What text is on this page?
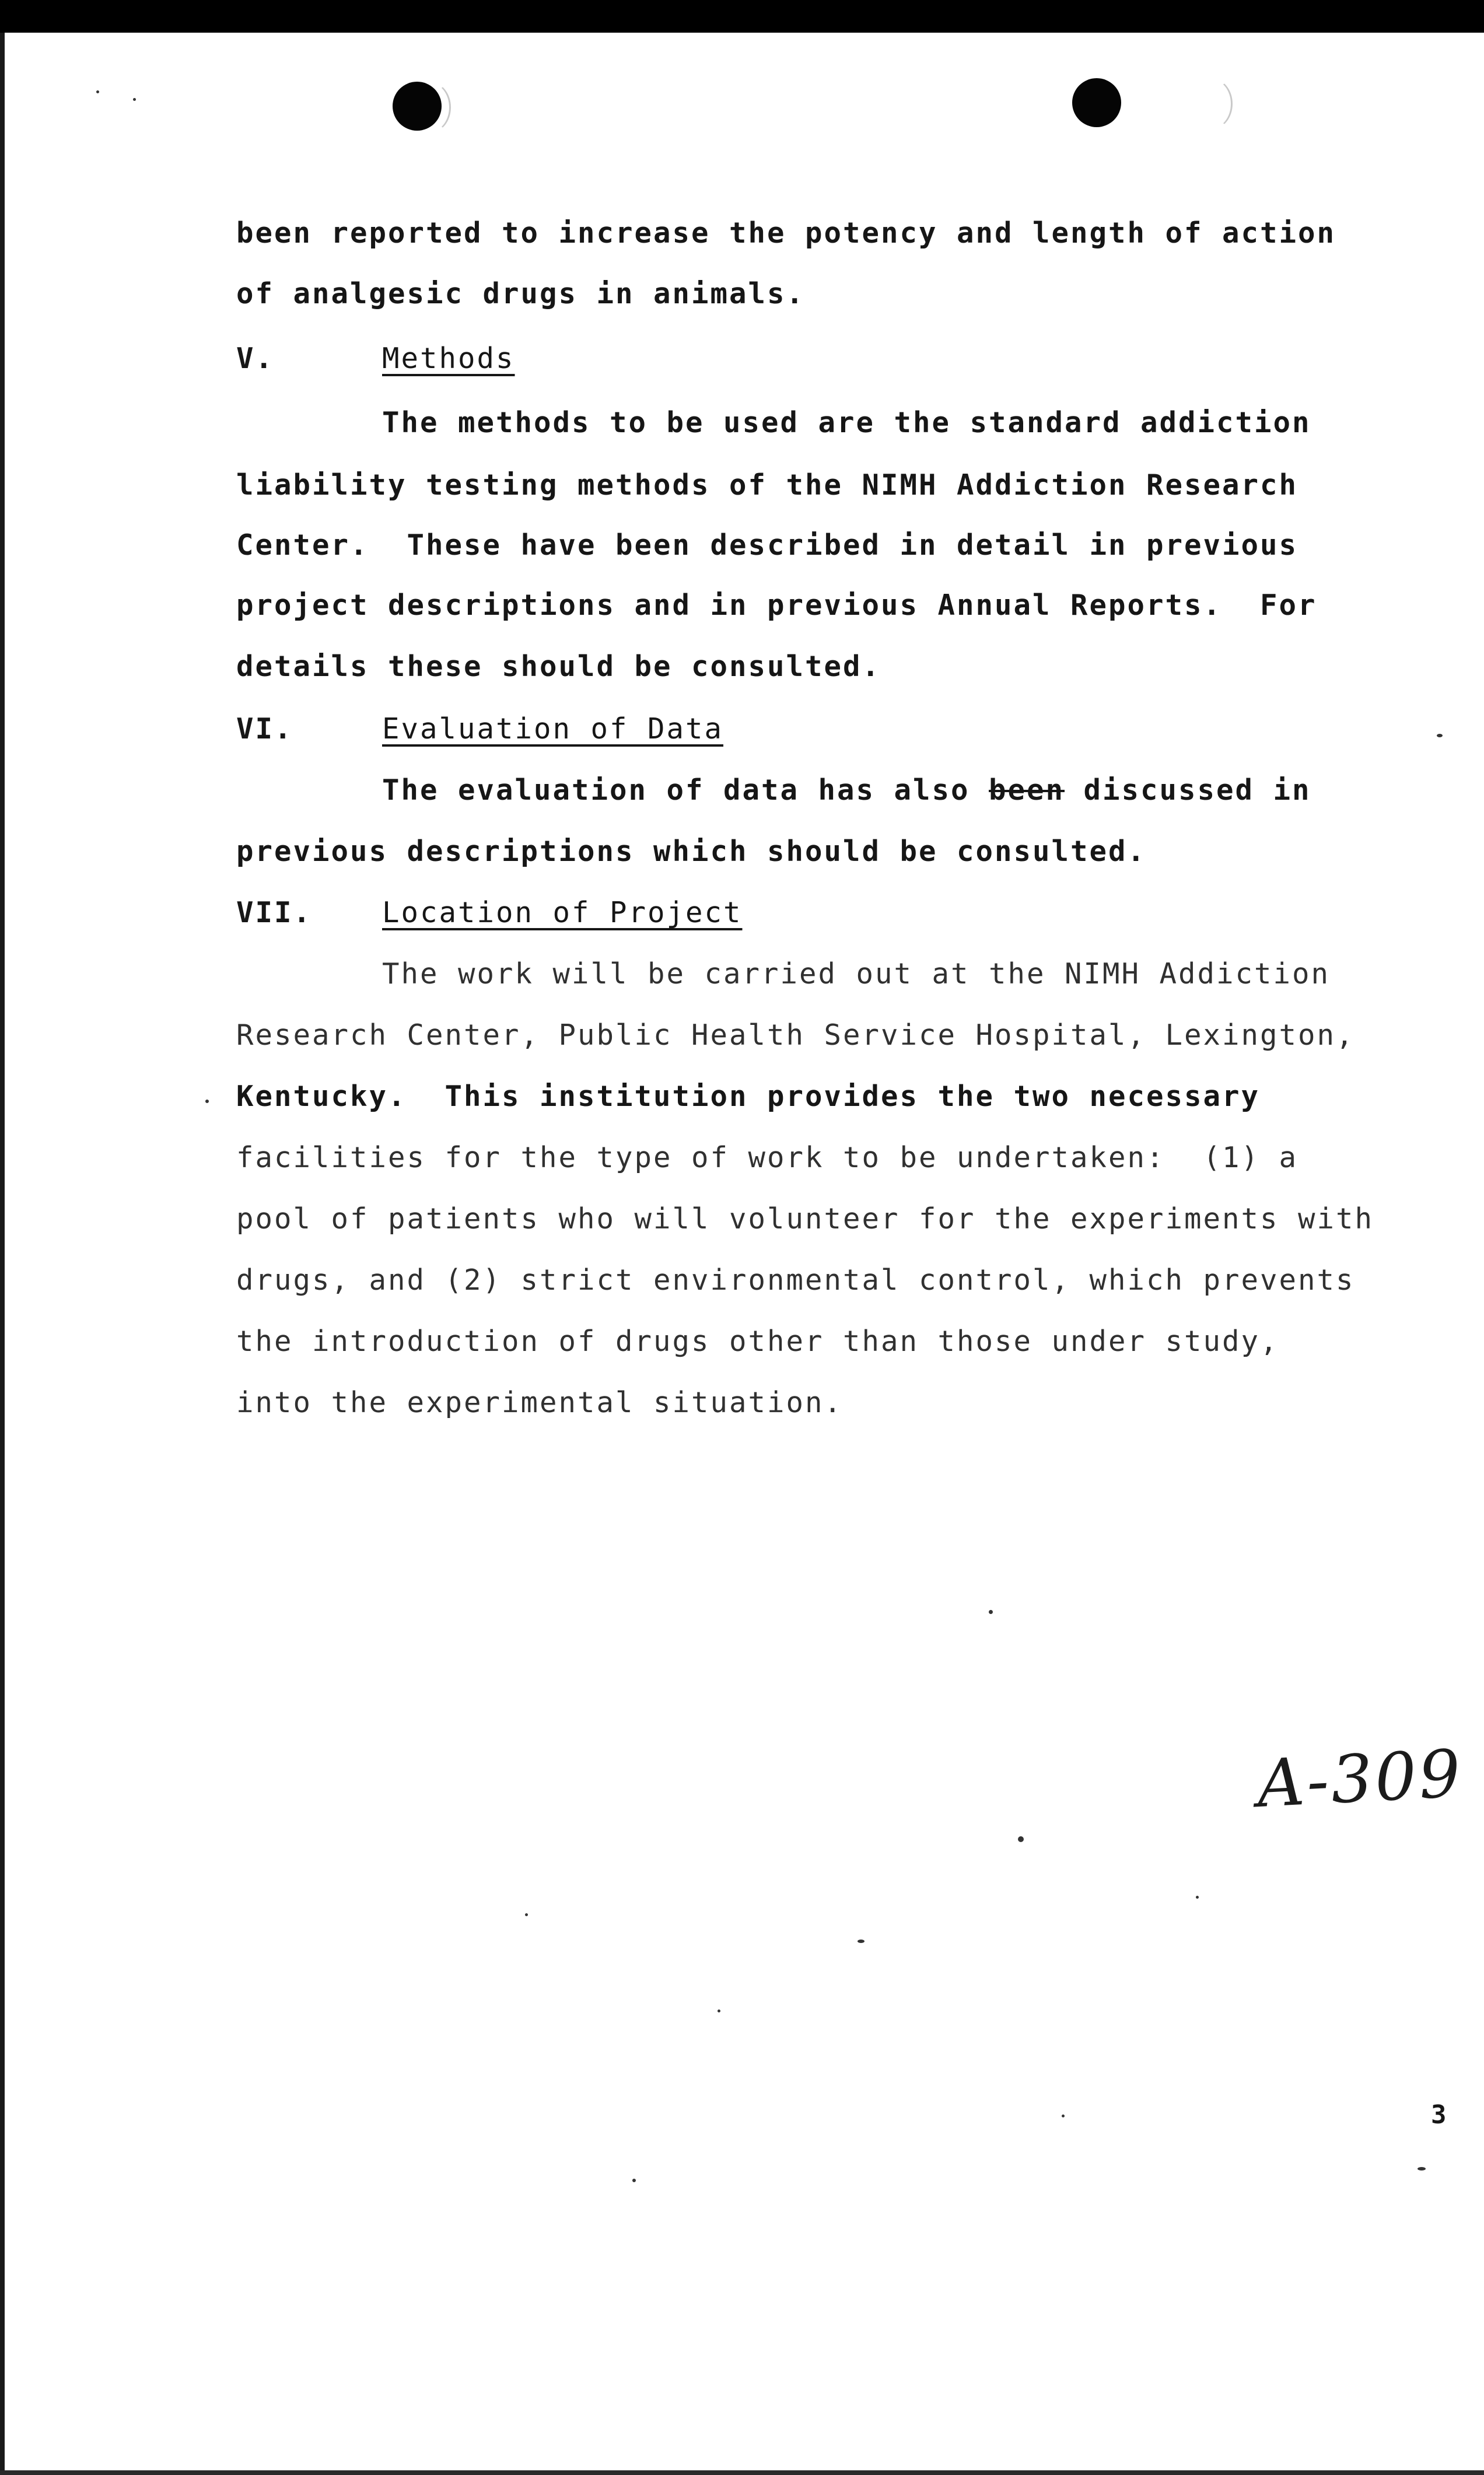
been reported to increase the potency and length of action
of analgesic drugs in animals.
V.	Methods
The methods to be used are the standard addiction
liability testing methods of the NIMH Addiction Research
Center.  These have been described in detail in previous
project descriptions and in previous Annual Reports.  For
details these should be consulted.
VI.	Evaluation of Data
The evaluation of data has also been discussed in
previous descriptions which should be consulted.
VII. Location of Project
The work will be carried out at the NIMH Addiction
Research Center, Public Health Service Hospital, Lexington,
Kentucky.  This institution provides the two necessary
facilities for the type of work to be undertaken:  (1) a
pool of patients who will volunteer for the experiments with
drugs, and (2) strict environmental control, which prevents
the introduction of drugs other than those under study,
into the experimental situation.
A-309
3
